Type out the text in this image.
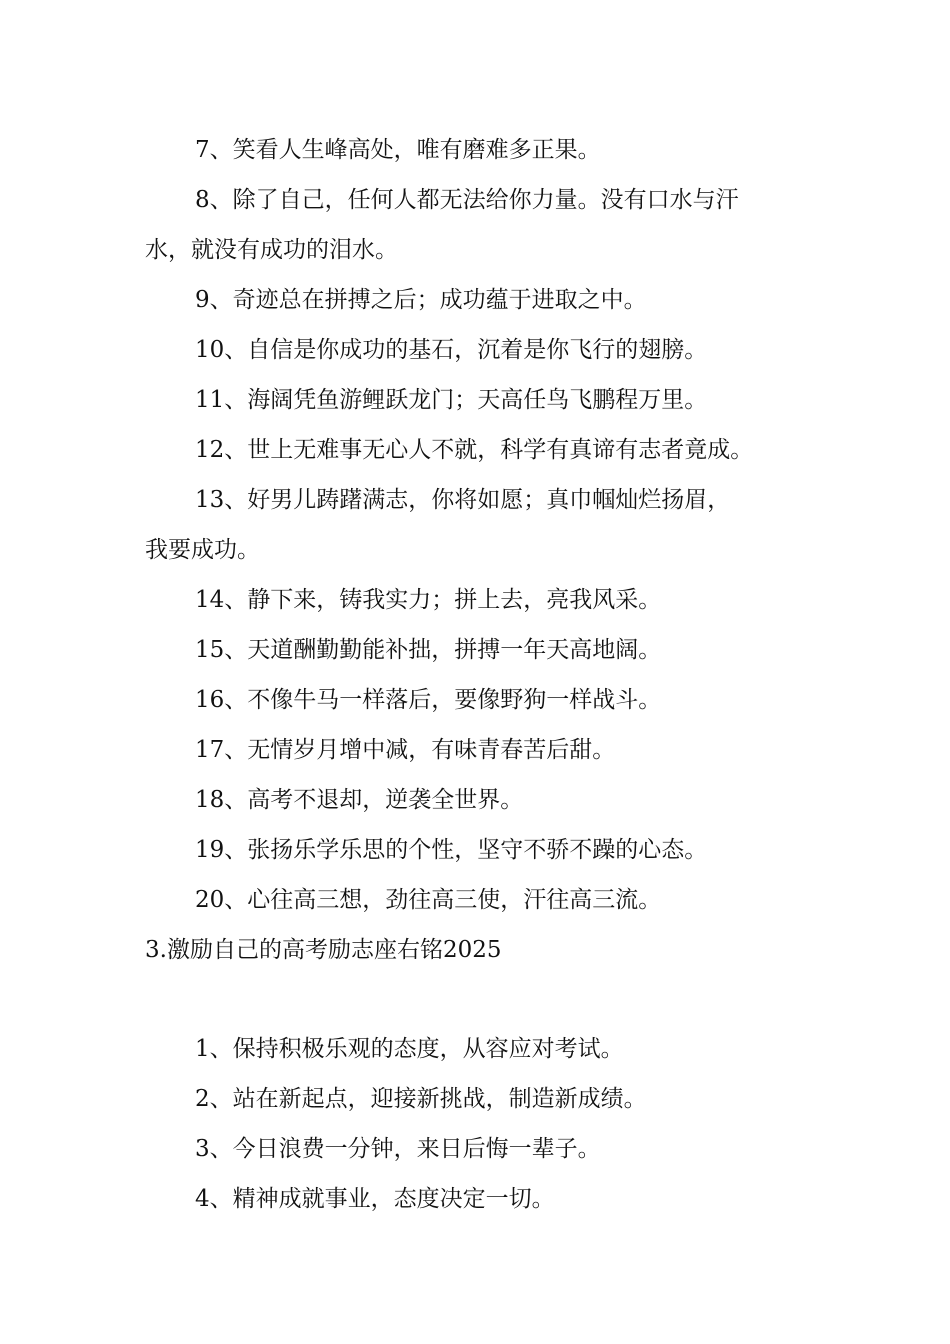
7、笑看人生峰高处，唯有磨难多正果。
8、除了自己，任何人都无法给你力量。没有口水与汗
水，就没有成功的泪水。
9、奇迹总在拼搏之后；成功蕴于进取之中。
10、自信是你成功的基石，沉着是你飞行的翅膀。
11、海阔凭鱼游鲤跃龙门；天高任鸟飞鹏程万里。
12、世上无难事无心人不就，科学有真谛有志者竟成。
13、好男儿踌躇满志，你将如愿；真巾帼灿烂扬眉，
我要成功。
14、静下来，铸我实力；拼上去，亮我风采。
15、天道酬勤勤能补拙，拼搏一年天高地阔。
16、不像牛马一样落后，要像野狗一样战斗。
17、无情岁月增中减，有味青春苦后甜。
18、高考不退却，逆袭全世界。
19、张扬乐学乐思的个性，坚守不骄不躁的心态。
20、心往高三想，劲往高三使，汗往高三流。
3.激励自己的高考励志座右铭2025
1、保持积极乐观的态度，从容应对考试。
2、站在新起点，迎接新挑战，制造新成绩。
3、今日浪费一分钟，来日后悔一辈子。
4、精神成就事业，态度决定一切。
